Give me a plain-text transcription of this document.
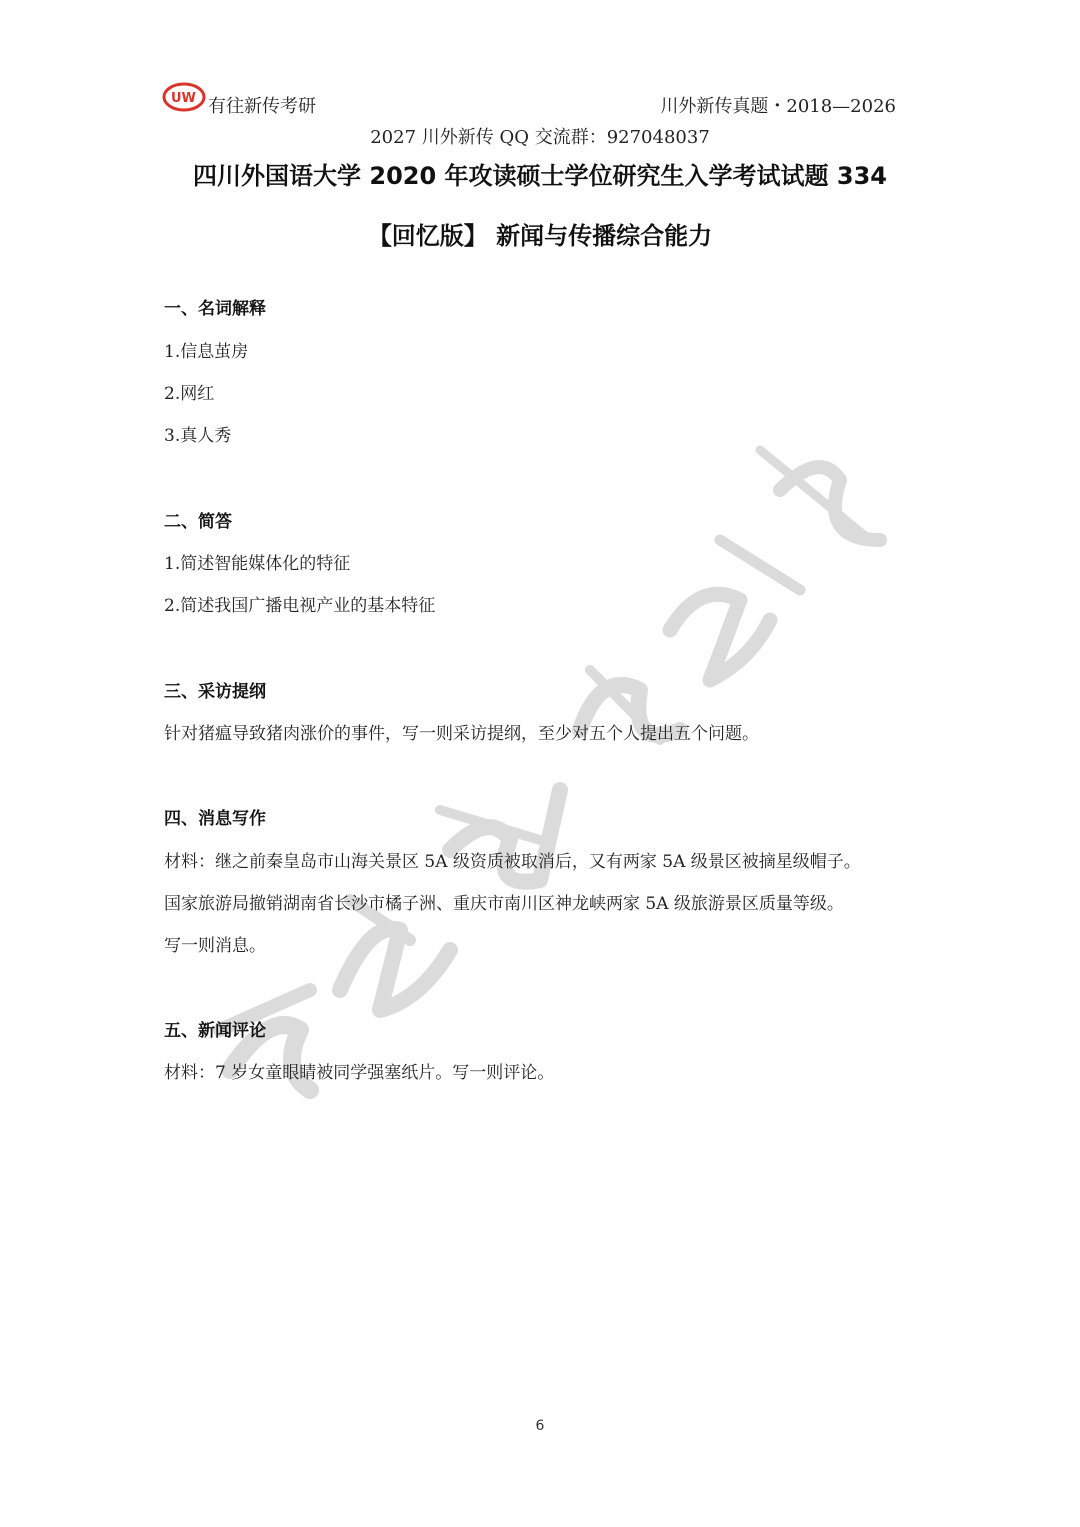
UW 有往新传考研	川外新传真题・2018—2026
2027 川外新传 QQ 交流群：927048037
四川外国语大学 2020 年攻读硕士学位研究生入学考试试题 334
【回忆版】 新闻与传播综合能力
一、名词解释
1.信息茧房
2.网红
3.真人秀
二、简答
1.简述智能媒体化的特征
2.简述我国广播电视产业的基本特征
三、采访提纲
针对猪瘟导致猪肉涨价的事件，写一则采访提纲，至少对五个人提出五个问题。
四、消息写作
材料：继之前秦皇岛市山海关景区 5A 级资质被取消后，又有两家 5A 级景区被摘星级帽子。
国家旅游局撤销湖南省长沙市橘子洲、重庆市南川区神龙峡两家 5A 级旅游景区质量等级。
写一则消息。
五、新闻评论
材料：7 岁女童眼睛被同学强塞纸片。写一则评论。
6
